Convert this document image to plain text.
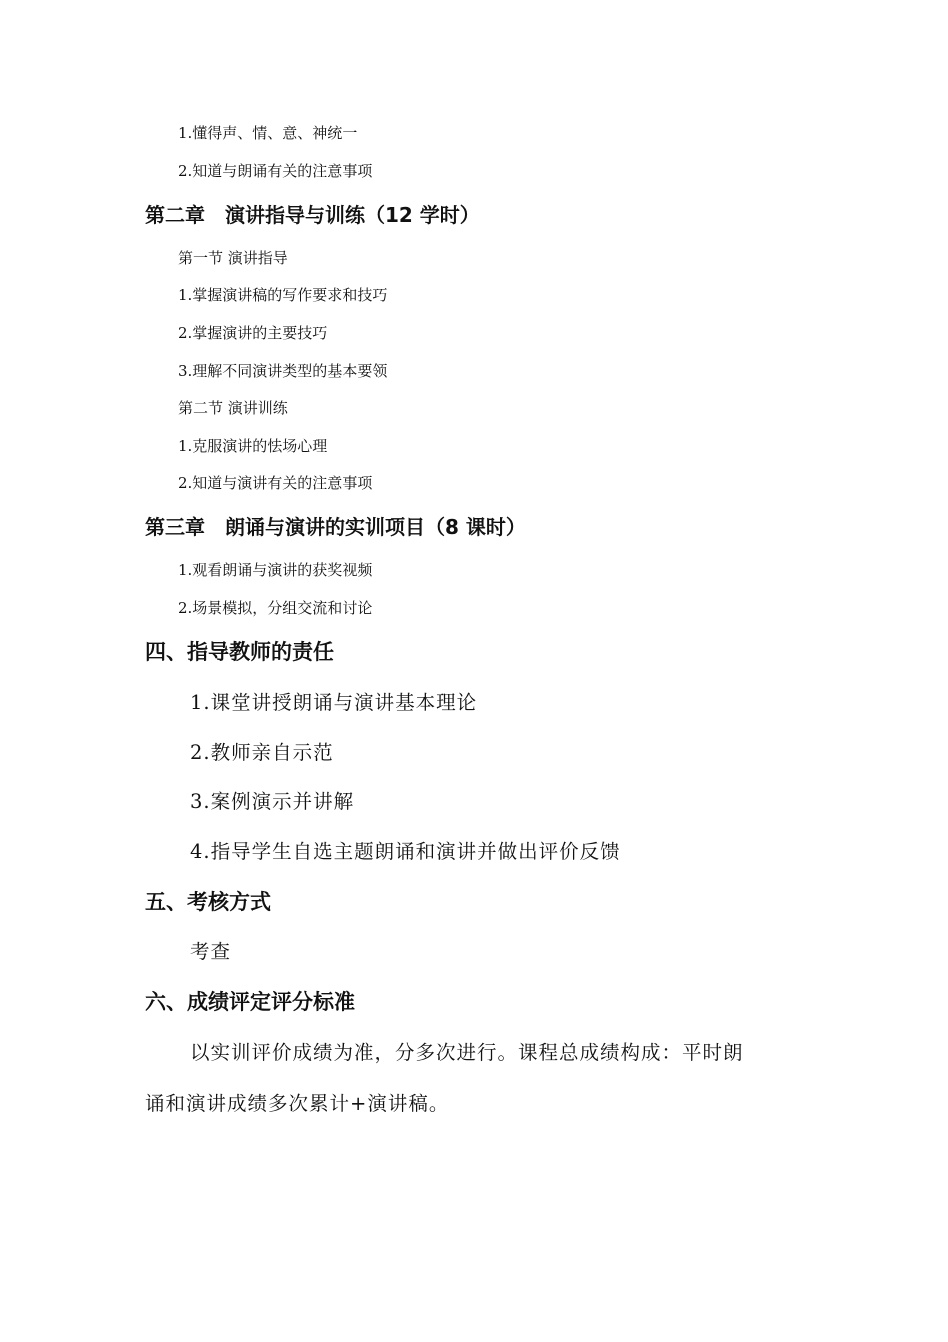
1.懂得声、情、意、神统一
2.知道与朗诵有关的注意事项
第二章　演讲指导与训练（12 学时）
第一节 演讲指导
1.掌握演讲稿的写作要求和技巧
2.掌握演讲的主要技巧
3.理解不同演讲类型的基本要领
第二节 演讲训练
1.克服演讲的怯场心理
2.知道与演讲有关的注意事项
第三章　朗诵与演讲的实训项目（8 课时）
1.观看朗诵与演讲的获奖视频
2.场景模拟，分组交流和讨论
四、指导教师的责任
1.课堂讲授朗诵与演讲基本理论
2.教师亲自示范
3.案例演示并讲解
4.指导学生自选主题朗诵和演讲并做出评价反馈
五、考核方式
考查
六、成绩评定评分标准
以实训评价成绩为准，分多次进行。课程总成绩构成：平时朗
诵和演讲成绩多次累计+演讲稿。
